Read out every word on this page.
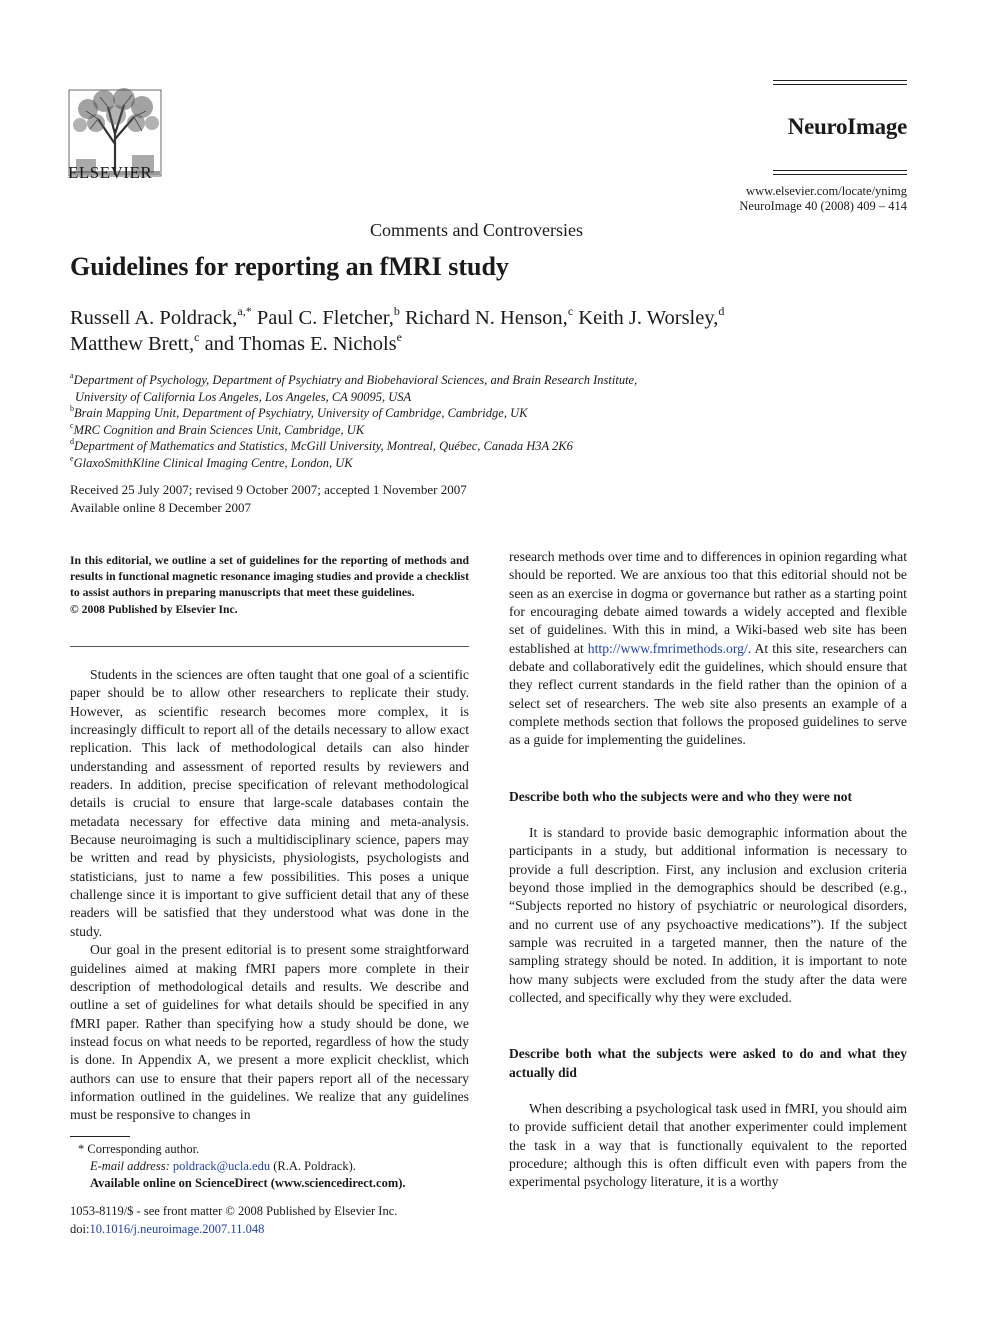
ELSEVIER
NeuroImage
www.elsevier.com/locate/ynimg
NeuroImage 40 (2008) 409 – 414
Comments and Controversies
Guidelines for reporting an fMRI study
Russell A. Poldrack,$^{a,*}$ Paul C. Fletcher,$^b$ Richard N. Henson,$^c$ Keith J. Worsley,$^d$
Matthew Brett,$^c$ and Thomas E. Nichols$^e$
$^a$Department of Psychology, Department of Psychiatry and Biobehavioral Sciences, and Brain Research Institute,
University of California Los Angeles, Los Angeles, CA 90095, USA
$^b$Brain Mapping Unit, Department of Psychiatry, University of Cambridge, Cambridge, UK
$^c$MRC Cognition and Brain Sciences Unit, Cambridge, UK
$^d$Department of Mathematics and Statistics, McGill University, Montreal, Québec, Canada H3A 2K6
$^e$GlaxoSmithKline Clinical Imaging Centre, London, UK
Received 25 July 2007; revised 9 October 2007; accepted 1 November 2007
Available online 8 December 2007
In this editorial, we outline a set of guidelines for the reporting of methods and results in functional magnetic resonance imaging studies and provide a checklist to assist authors in preparing manuscripts that meet these guidelines.
© 2008 Published by Elsevier Inc.

Students in the sciences are often taught that one goal of a scientific paper should be to allow other researchers to replicate their study. However, as scientific research becomes more complex, it is increasingly difficult to report all of the details necessary to allow exact replication. This lack of methodological details can also hinder understanding and assessment of reported results by reviewers and readers. In addition, precise specification of relevant methodological details is crucial to ensure that large-scale databases contain the metadata necessary for effective data mining and meta-analysis. Because neuroimaging is such a multidisciplinary science, papers may be written and read by physicists, physiologists, psychologists and statisticians, just to name a few possibilities. This poses a unique challenge since it is important to give sufficient detail that any of these readers will be satisfied that they understood what was done in the study.

Our goal in the present editorial is to present some straightforward guidelines aimed at making fMRI papers more complete in their description of methodological details and results. We describe and outline a set of guidelines for what details should be specified in any fMRI paper. Rather than specifying how a study should be done, we instead focus on what needs to be reported, regardless of how the study is done. In Appendix A, we present a more explicit checklist, which authors can use to ensure that their papers report all of the necessary information outlined in the guidelines. We realize that any guidelines must be responsive to changes in

research methods over time and to differences in opinion regarding what should be reported. We are anxious too that this editorial should not be seen as an exercise in dogma or governance but rather as a starting point for encouraging debate aimed towards a widely accepted and flexible set of guidelines. With this in mind, a Wiki-based web site has been established at http://www.fmrimethods.org/. At this site, researchers can debate and collaboratively edit the guidelines, which should ensure that they reflect current standards in the field rather than the opinion of a select set of researchers. The web site also presents an example of a complete methods section that follows the proposed guidelines to serve as a guide for implementing the guidelines.

Describe both who the subjects were and who they were not

It is standard to provide basic demographic information about the participants in a study, but additional information is necessary to provide a full description. First, any inclusion and exclusion criteria beyond those implied in the demographics should be described (e.g., “Subjects reported no history of psychiatric or neurological disorders, and no current use of any psychoactive medications”). If the subject sample was recruited in a targeted manner, then the nature of the sampling strategy should be noted. In addition, it is important to note how many subjects were excluded from the study after the data were collected, and specifically why they were excluded.

Describe both what the subjects were asked to do and what they actually did

When describing a psychological task used in fMRI, you should aim to provide sufficient detail that another experimenter could implement the task in a way that is functionally equivalent to the reported procedure; although this is often difficult even with papers from the experimental psychology literature, it is a worthy

* Corresponding author.
E-mail address: poldrack@ucla.edu (R.A. Poldrack).
Available online on ScienceDirect (www.sciencedirect.com).
1053-8119/$ - see front matter © 2008 Published by Elsevier Inc.
doi:10.1016/j.neuroimage.2007.11.048
